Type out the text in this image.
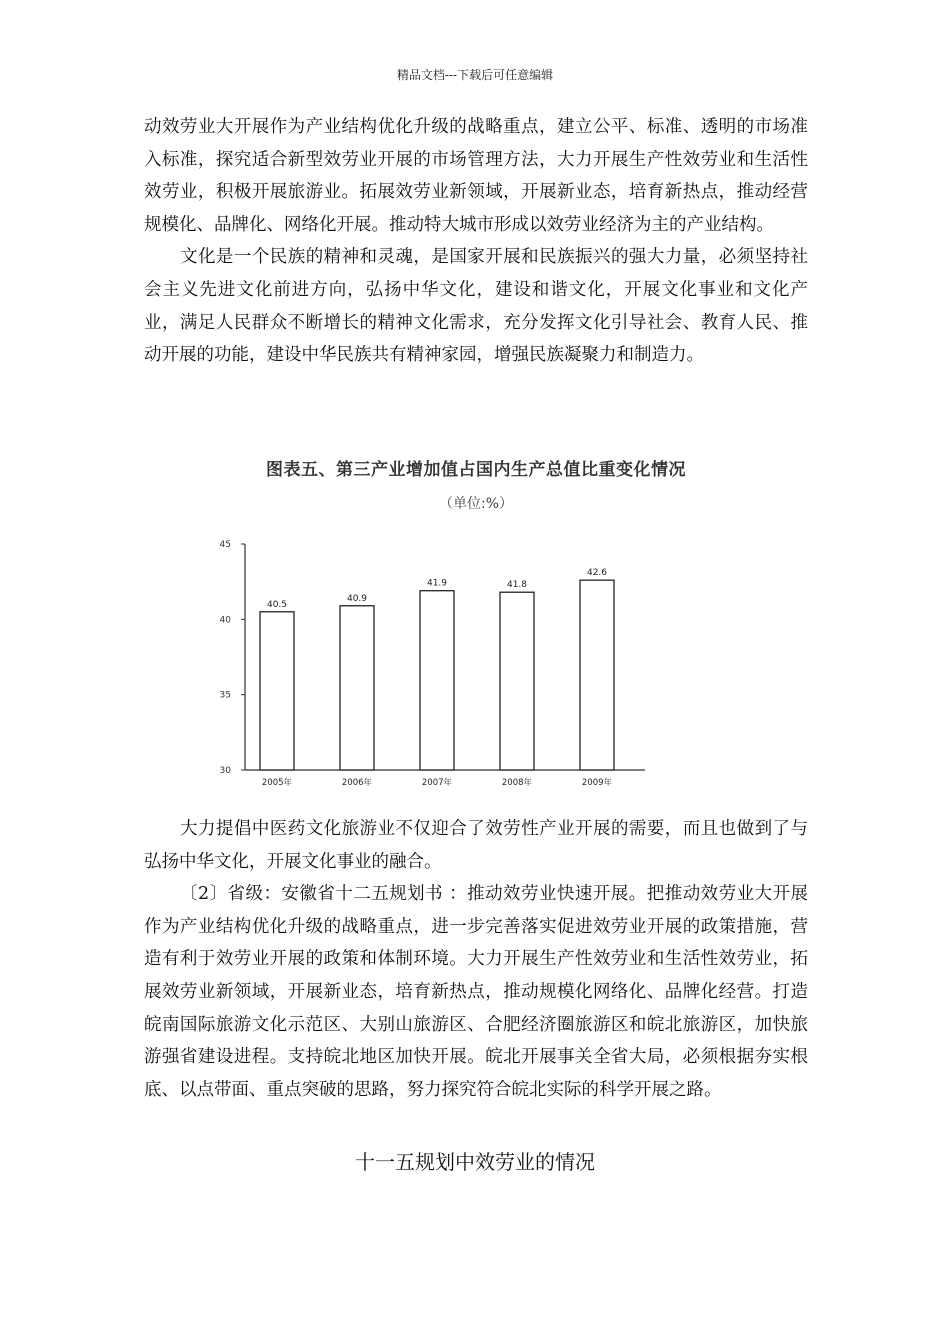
精品文档---下载后可任意编辑

动效劳业大开展作为产业结构优化升级的战略重点，建立公平、标准、透明的市场准入标准，探究适合新型效劳业开展的市场管理方法，大力开展生产性效劳业和生活性效劳业，积极开展旅游业。拓展效劳业新领域，开展新业态，培育新热点，推动经营规模化、品牌化、网络化开展。推动特大城市形成以效劳业经济为主的产业结构。

文化是一个民族的精神和灵魂，是国家开展和民族振兴的强大力量，必须坚持社会主义先进文化前进方向，弘扬中华文化，建设和谐文化，开展文化事业和文化产业，满足人民群众不断增长的精神文化需求，充分发挥文化引导社会、教育人民、推动开展的功能，建设中华民族共有精神家园，增强民族凝聚力和制造力。

图表五、第三产业增加值占国内生产总值比重变化情况
（单位:%）
30
35
40
45
40.5
2005年
40.9
2006年
41.9
2007年
41.8
2008年
42.6
2009年

大力提倡中医药文化旅游业不仅迎合了效劳性产业开展的需要，而且也做到了与弘扬中华文化，开展文化事业的融合。

〔2〕省级：安徽省十二五规划书 ：推动效劳业快速开展。把推动效劳业大开展作为产业结构优化升级的战略重点，进一步完善落实促进效劳业开展的政策措施，营造有利于效劳业开展的政策和体制环境。大力开展生产性效劳业和生活性效劳业，拓展效劳业新领域，开展新业态，培育新热点，推动规模化网络化、品牌化经营。打造皖南国际旅游文化示范区、大别山旅游区、合肥经济圈旅游区和皖北旅游区，加快旅游强省建设进程。支持皖北地区加快开展。皖北开展事关全省大局，必须根据夯实根底、以点带面、重点突破的思路，努力探究符合皖北实际的科学开展之路。

十一五规划中效劳业的情况
